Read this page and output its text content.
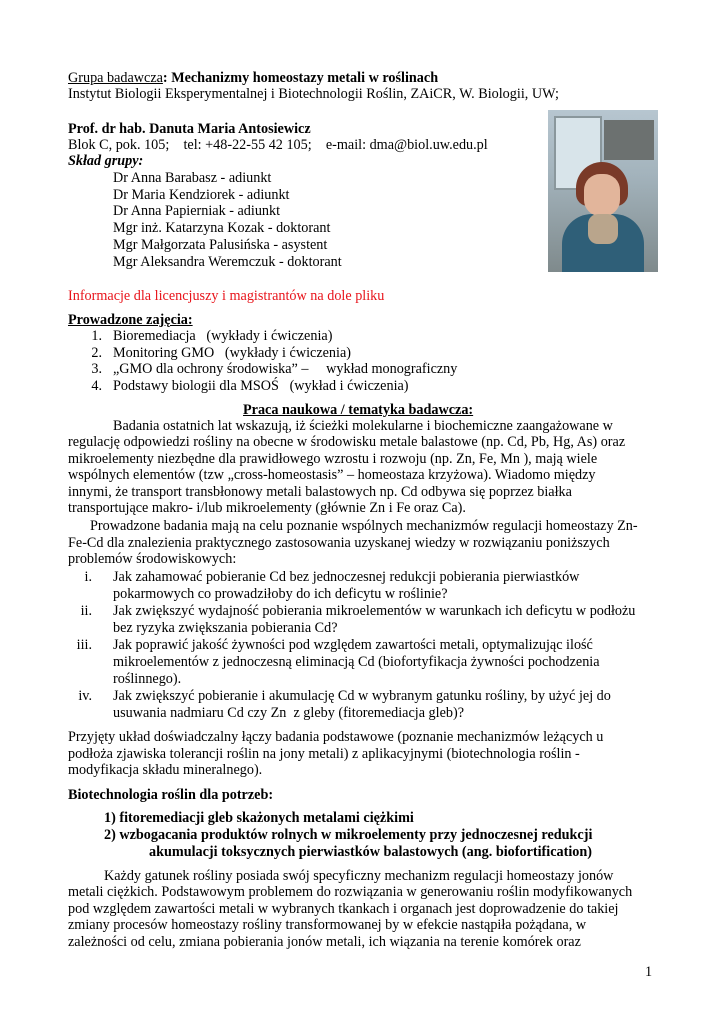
Grupa badawcza: Mechanizmy homeostazy metali w roślinach
Instytut Biologii Eksperymentalnej i Biotechnologii Roślin, ZAiCR, W. Biologii, UW;
Prof. dr hab. Danuta Maria Antosiewicz
Blok C, pok. 105;    tel: +48-22-55 42 105;    e-mail: dma@biol.uw.edu.pl
Skład grupy:
Dr Anna Barabasz - adiunkt
Dr Maria Kendziorek - adiunkt
Dr Anna Papierniak - adiunkt
Mgr inż. Katarzyna Kozak - doktorant
Mgr Małgorzata Palusińska - asystent
Mgr Aleksandra Weremczuk - doktorant
Informacje dla licencjuszy i magistrantów na dole pliku
Prowadzone zajęcia:
1. Bioremediacja   (wykłady i ćwiczenia)
2. Monitoring GMO   (wykłady i ćwiczenia)
3. „GMO dla ochrony środowiska” –     wykład monograficzny
4. Podstawy biologii dla MSOŚ   (wykład i ćwiczenia)
Praca naukowa / tematyka badawcza:
Badania ostatnich lat wskazują, iż ścieżki molekularne i biochemiczne zaangażowane w
regulację odpowiedzi rośliny na obecne w środowisku metale balastowe (np. Cd, Pb, Hg, As) oraz
mikroelementy niezbędne dla prawidłowego wzrostu i rozwoju (np. Zn, Fe, Mn ), mają wiele
wspólnych elementów (tzw „cross-homeostasis” – homeostaza krzyżowa). Wiadomo między
innymi, że transport transbłonowy metali balastowych np. Cd odbywa się poprzez białka
transportujące makro- i/lub mikroelementy (głównie Zn i Fe oraz Ca).
Prowadzone badania mają na celu poznanie wspólnych mechanizmów regulacji homeostazy Zn-
Fe-Cd dla znalezienia praktycznego zastosowania uzyskanej wiedzy w rozwiązaniu poniższych
problemów środowiskowych:
i. Jak zahamować pobieranie Cd bez jednoczesnej redukcji pobierania pierwiastków
pokarmowych co prowadziłoby do ich deficytu w roślinie?
ii. Jak zwiększyć wydajność pobierania mikroelementów w warunkach ich deficytu w podłożu
bez ryzyka zwiększania pobierania Cd?
iii. Jak poprawić jakość żywności pod względem zawartości metali, optymalizując ilość
mikroelementów z jednoczesną eliminacją Cd (biofortyfikacja żywności pochodzenia
roślinnego).
iv. Jak zwiększyć pobieranie i akumulację Cd w wybranym gatunku rośliny, by użyć jej do
usuwania nadmiaru Cd czy Zn  z gleby (fitoremediacja gleb)?
Przyjęty układ doświadczalny łączy badania podstawowe (poznanie mechanizmów leżących u
podłoża zjawiska tolerancji roślin na jony metali) z aplikacyjnymi (biotechnologia roślin -
modyfikacja składu mineralnego).
Biotechnologia roślin dla potrzeb:
1) fitoremediacji gleb skażonych metalami ciężkimi
2) wzbogacania produktów rolnych w mikroelementy przy jednoczesnej redukcji
akumulacji toksycznych pierwiastków balastowych (ang. biofortification)
Każdy gatunek rośliny posiada swój specyficzny mechanizm regulacji homeostazy jonów
metali ciężkich. Podstawowym problemem do rozwiązania w generowaniu roślin modyfikowanych
pod względem zawartości metali w wybranych tkankach i organach jest doprowadzenie do takiej
zmiany procesów homeostazy rośliny transformowanej by w efekcie nastąpiła pożądana, w
zależności od celu, zmiana pobierania jonów metali, ich wiązania na terenie komórek oraz
1
